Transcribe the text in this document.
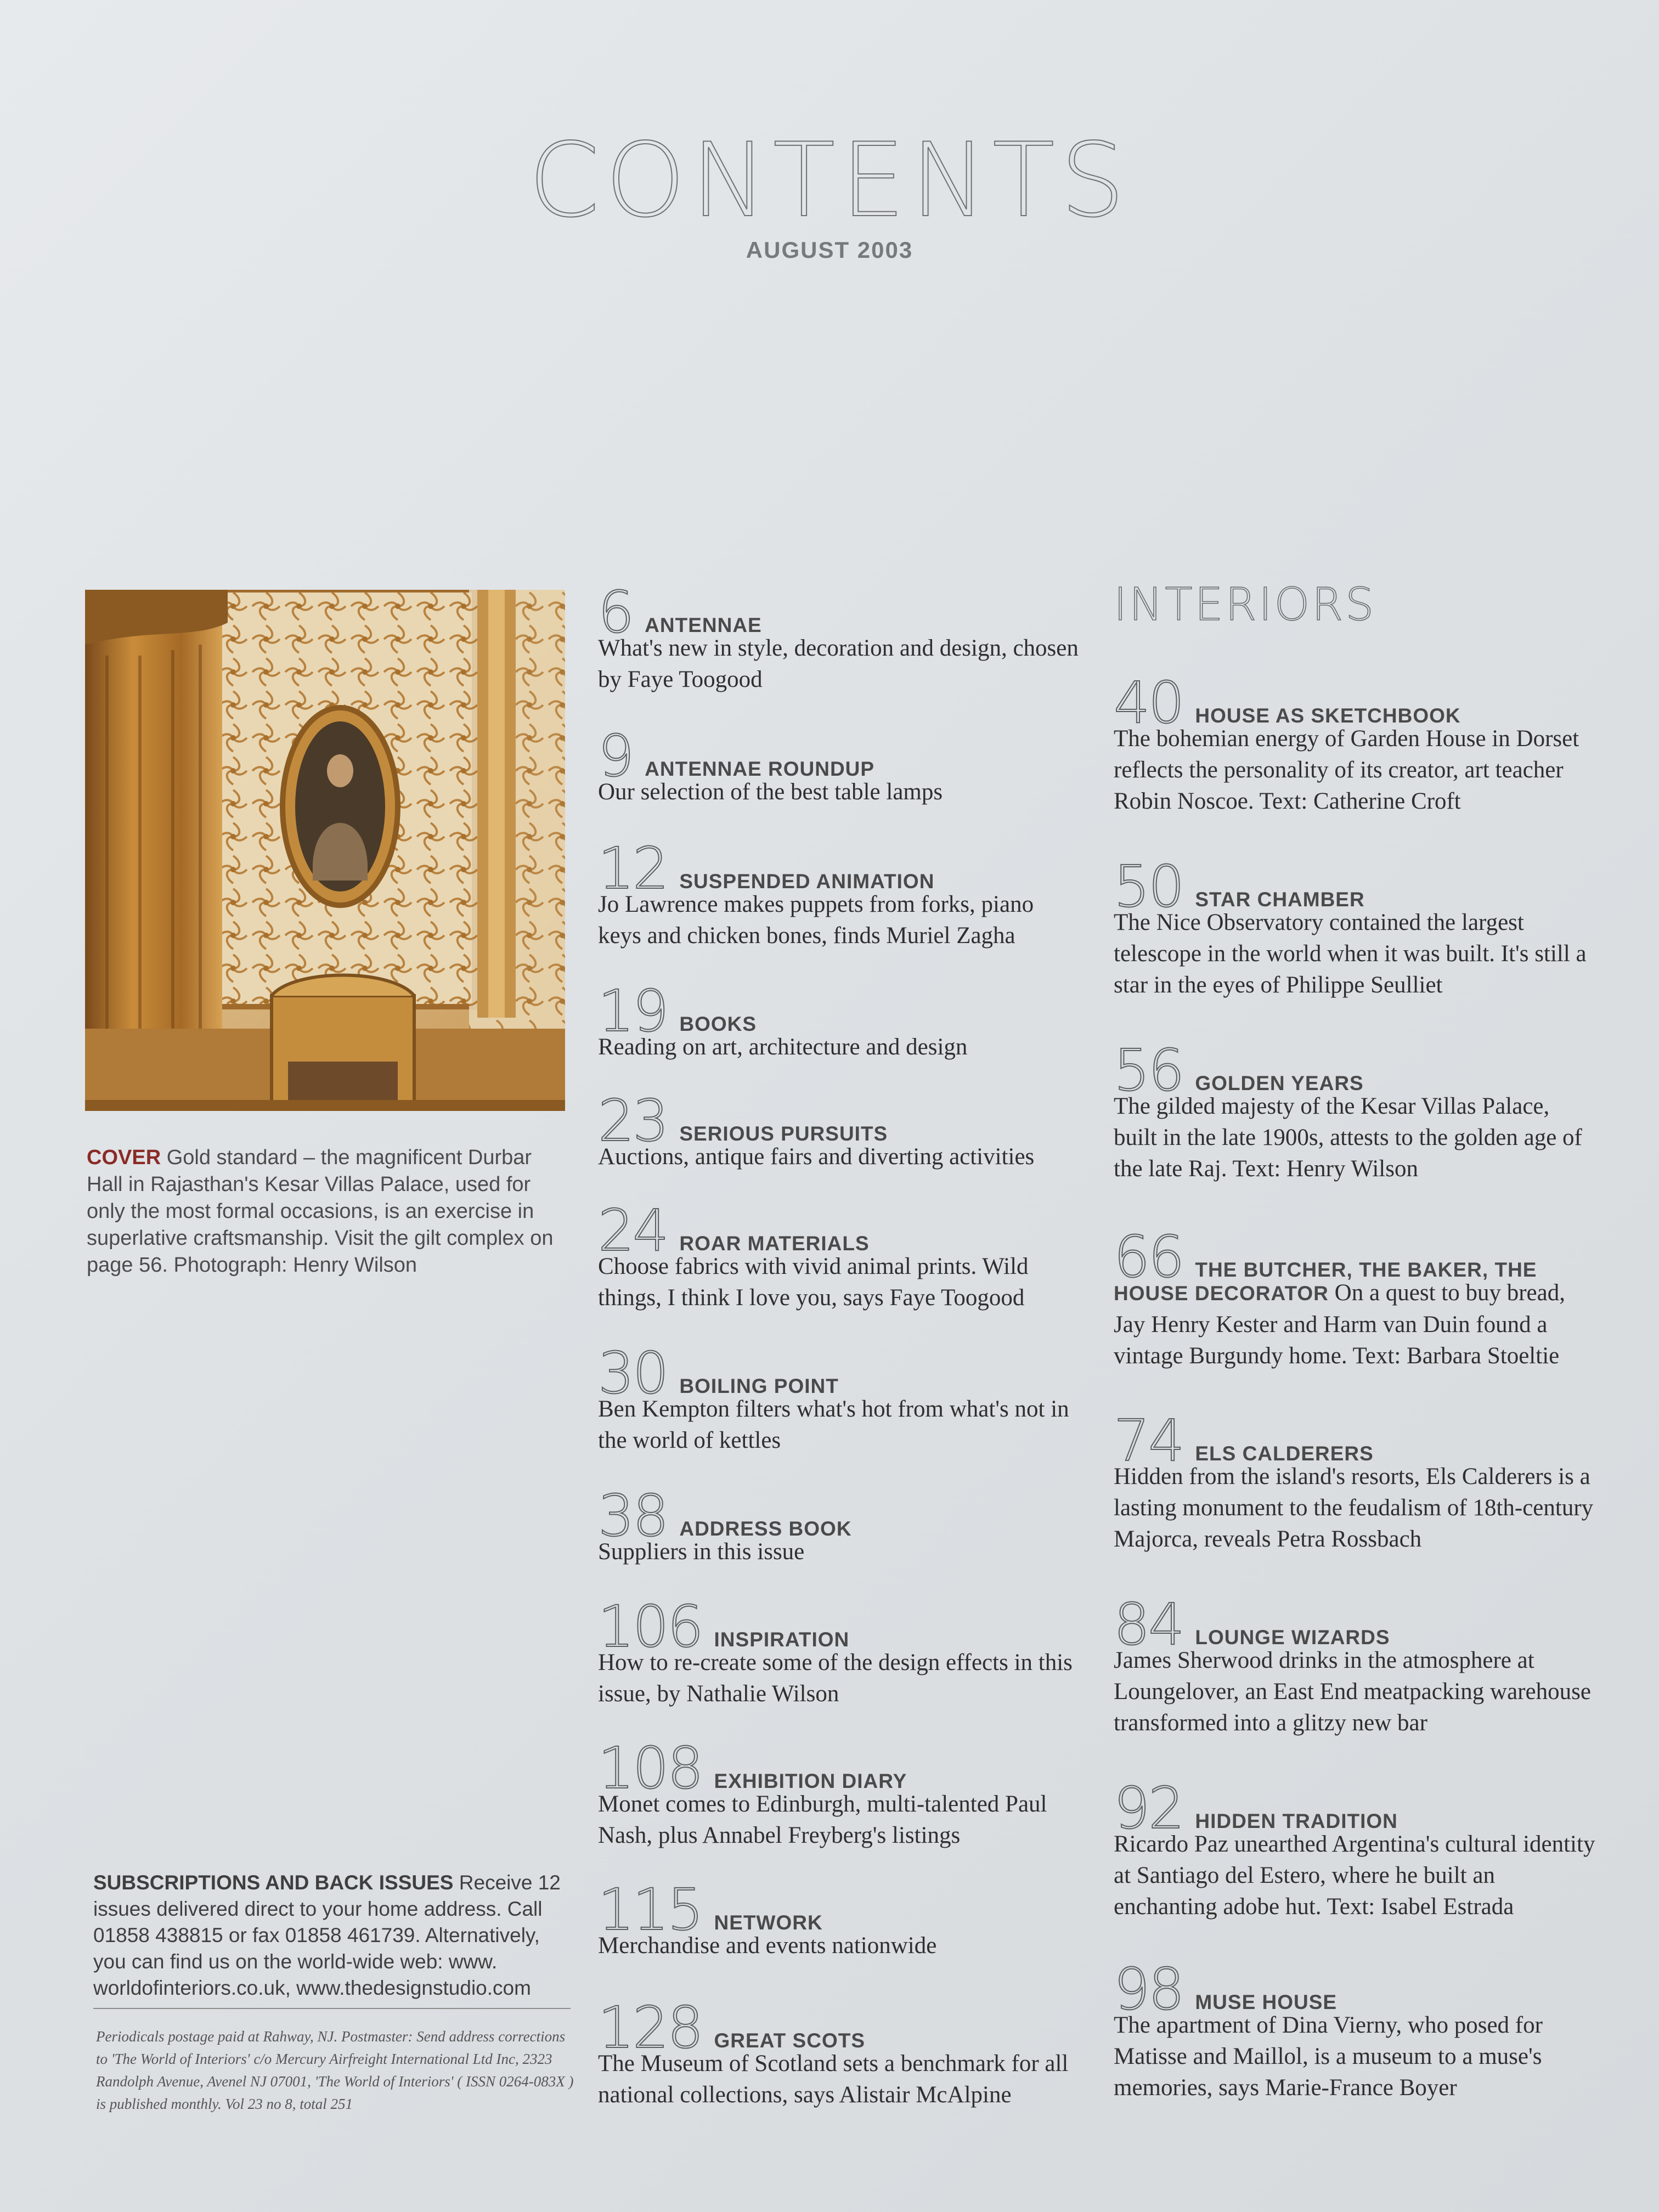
CONTENTS
AUGUST 2003
COVER Gold standard – the magnificent Durbar Hall in Rajasthan's Kesar Villas Palace, used for only the most formal occasions, is an exercise in superlative craftsmanship. Visit the gilt complex on page 56. Photograph: Henry Wilson
SUBSCRIPTIONS AND BACK ISSUES Receive 12 issues delivered direct to your home address. Call 01858 438815 or fax 01858 461739. Alternatively, you can find us on the world-wide web: www. worldofinteriors.co.uk, www.thedesignstudio.com
Periodicals postage paid at Rahway, NJ. Postmaster: Send address corrections to 'The World of Interiors' c/o Mercury Airfreight International Ltd Inc, 2323 Randolph Avenue, Avenel NJ 07001, 'The World of Interiors' ( ISSN 0264-083X ) is published monthly. Vol 23 no 8, total 251
6 ANTENNAE
What's new in style, decoration and design, chosen by Faye Toogood
9 ANTENNAE ROUNDUP
Our selection of the best table lamps
12 SUSPENDED ANIMATION
Jo Lawrence makes puppets from forks, piano keys and chicken bones, finds Muriel Zagha
19 BOOKS
Reading on art, architecture and design
23 SERIOUS PURSUITS
Auctions, antique fairs and diverting activities
24 ROAR MATERIALS
Choose fabrics with vivid animal prints. Wild things, I think I love you, says Faye Toogood
30 BOILING POINT
Ben Kempton filters what's hot from what's not in the world of kettles
38 ADDRESS BOOK
Suppliers in this issue
106 INSPIRATION
How to re-create some of the design effects in this issue, by Nathalie Wilson
108 EXHIBITION DIARY
Monet comes to Edinburgh, multi-talented Paul Nash, plus Annabel Freyberg's listings
115 NETWORK
Merchandise and events nationwide
128 GREAT SCOTS
The Museum of Scotland sets a benchmark for all national collections, says Alistair McAlpine
INTERIORS
40 HOUSE AS SKETCHBOOK
The bohemian energy of Garden House in Dorset reflects the personality of its creator, art teacher Robin Noscoe. Text: Catherine Croft
50 STAR CHAMBER
The Nice Observatory contained the largest telescope in the world when it was built. It's still a star in the eyes of Philippe Seulliet
56 GOLDEN YEARS
The gilded majesty of the Kesar Villas Palace, built in the late 1900s, attests to the golden age of the late Raj. Text: Henry Wilson
66 THE BUTCHER, THE BAKER, THE
HOUSE DECORATOR On a quest to buy bread, Jay Henry Kester and Harm van Duin found a vintage Burgundy home. Text: Barbara Stoeltie
74 ELS CALDERERS
Hidden from the island's resorts, Els Calderers is a lasting monument to the feudalism of 18th-century Majorca, reveals Petra Rossbach
84 LOUNGE WIZARDS
James Sherwood drinks in the atmosphere at Loungelover, an East End meatpacking warehouse transformed into a glitzy new bar
92 HIDDEN TRADITION
Ricardo Paz unearthed Argentina's cultural identity at Santiago del Estero, where he built an enchanting adobe hut. Text: Isabel Estrada
98 MUSE HOUSE
The apartment of Dina Vierny, who posed for Matisse and Maillol, is a museum to a muse's memories, says Marie-France Boyer
